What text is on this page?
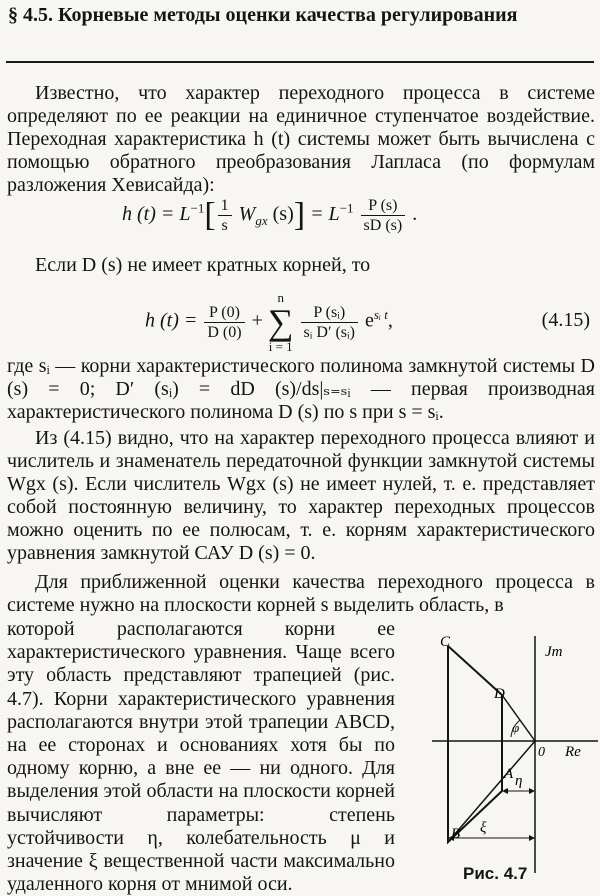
§ 4.5. Корневые методы оценки качества регулирования
Известно, что характер переходного процесса в системе определяют по ее реакции на единичное ступенчатое воздействие. Переходная характеристика h (t) системы может быть вычислена с помощью обратного преобразования Лапласа (по формулам разложения Хевисайда):
h $(t) = L^{-1}[ \frac{1}{s} W_{gx}$ $(s)] = L^{-1} \frac{P (s)}{sD (s)}$ .
Если D (s) не имеет кратных корней, то
h $(t) = \frac{P (0)}{D (0)} + n$
∑
i = 1
$\frac{\text{P (sᵢ)}}{\text{sᵢ D′ (sᵢ)}} e^{sᵢ t}$,	(4.15)
где sᵢ — корни характеристического полинома замкнутой системы D (s) = 0; D′ (sᵢ) = dD (s)/ds|ₛ₌ₛᵢ — первая производная характеристического полинома D (s) по s при s = sᵢ.
Из (4.15) видно, что на характер переходного процесса влияют и числитель и знаменатель передаточной функции замкнутой системы Wgx (s). Если числитель Wgx (s) не имеет нулей, т. е. представляет собой постоянную величину, то характер переходных процессов можно оценить по ее полюсам, т. е. корням характеристического уравнения замкнутой САУ D (s) = 0.
Для приближенной оценки качества переходного процесса в системе нужно на плоскости корней s выделить область, в
которой располагаются корни ее характеристического уравнения. Чаще всего эту область представляют трапецией (рис. 4.7). Корни характеристического уравнения располагаются внутри этой трапеции ABCD, на ее сторонах и основаниях хотя бы по одному корню, а вне ее — ни одного. Для выделения этой области на плоскости корней вычисляют параметры: степень устойчивости η, колебательность μ и значение ξ вещественной части максимально удаленного корня от мнимой оси.
C
D
A
B
0
Jm
Re
φ
η
ξ
Рис. 4.7
